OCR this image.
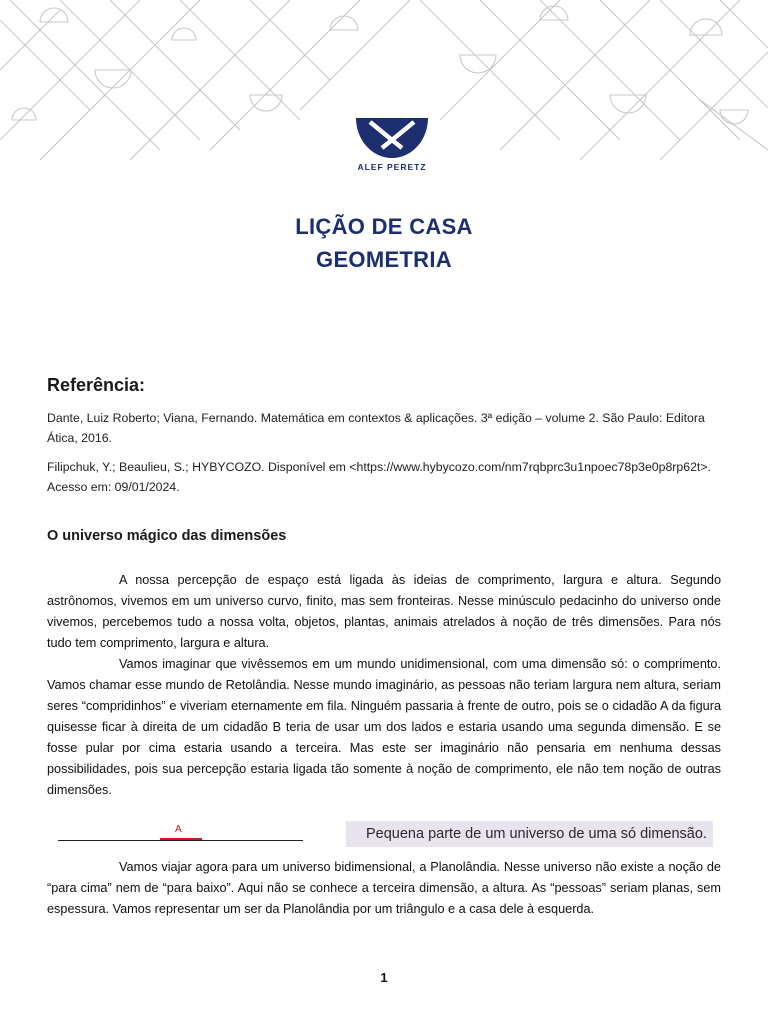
ALEF PERETZ
LIÇÃO DE CASA
GEOMETRIA
Referência:
Dante, Luiz Roberto; Viana, Fernando. Matemática em contextos & aplicações. 3ª edição – volume 2. São Paulo: Editora Ática, 2016.
Filipchuk, Y.; Beaulieu, S.; HYBYCOZO. Disponível em <https://www.hybycozo.com/nm7rqbprc3u1npoec78p3e0p8rp62t>. Acesso em: 09/01/2024.
O universo mágico das dimensões

A nossa percepção de espaço está ligada às ideias de comprimento, largura e altura. Segundo astrônomos, vivemos em um universo curvo, finito, mas sem fronteiras. Nesse minúsculo pedacinho do universo onde vivemos, percebemos tudo a nossa volta, objetos, plantas, animais atrelados à noção de três dimensões. Para nós tudo tem comprimento, largura e altura.

Vamos imaginar que vivêssemos em um mundo unidimensional, com uma dimensão só: o comprimento. Vamos chamar esse mundo de Retolândia. Nesse mundo imaginário, as pessoas não teriam largura nem altura, seriam seres “compridinhos” e viveriam eternamente em fila. Ninguém passaria à frente de outro, pois se o cidadão A da figura quisesse ficar à direita de um cidadão B teria de usar um dos lados e estaria usando uma segunda dimensão. E se fosse pular por cima estaria usando a terceira. Mas este ser imaginário não pensaria em nenhuma dessas possibilidades, pois sua percepção estaria ligada tão somente à noção de comprimento, ele não tem noção de outras dimensões.

A	Pequena parte de um universo de uma só dimensão.

Vamos viajar agora para um universo bidimensional, a Planolândia. Nesse universo não existe a noção de “para cima” nem de “para baixo”. Aqui não se conhece a terceira dimensão, a altura. As “pessoas” seriam planas, sem espessura. Vamos representar um ser da Planolândia por um triângulo e a casa dele à esquerda.

1
